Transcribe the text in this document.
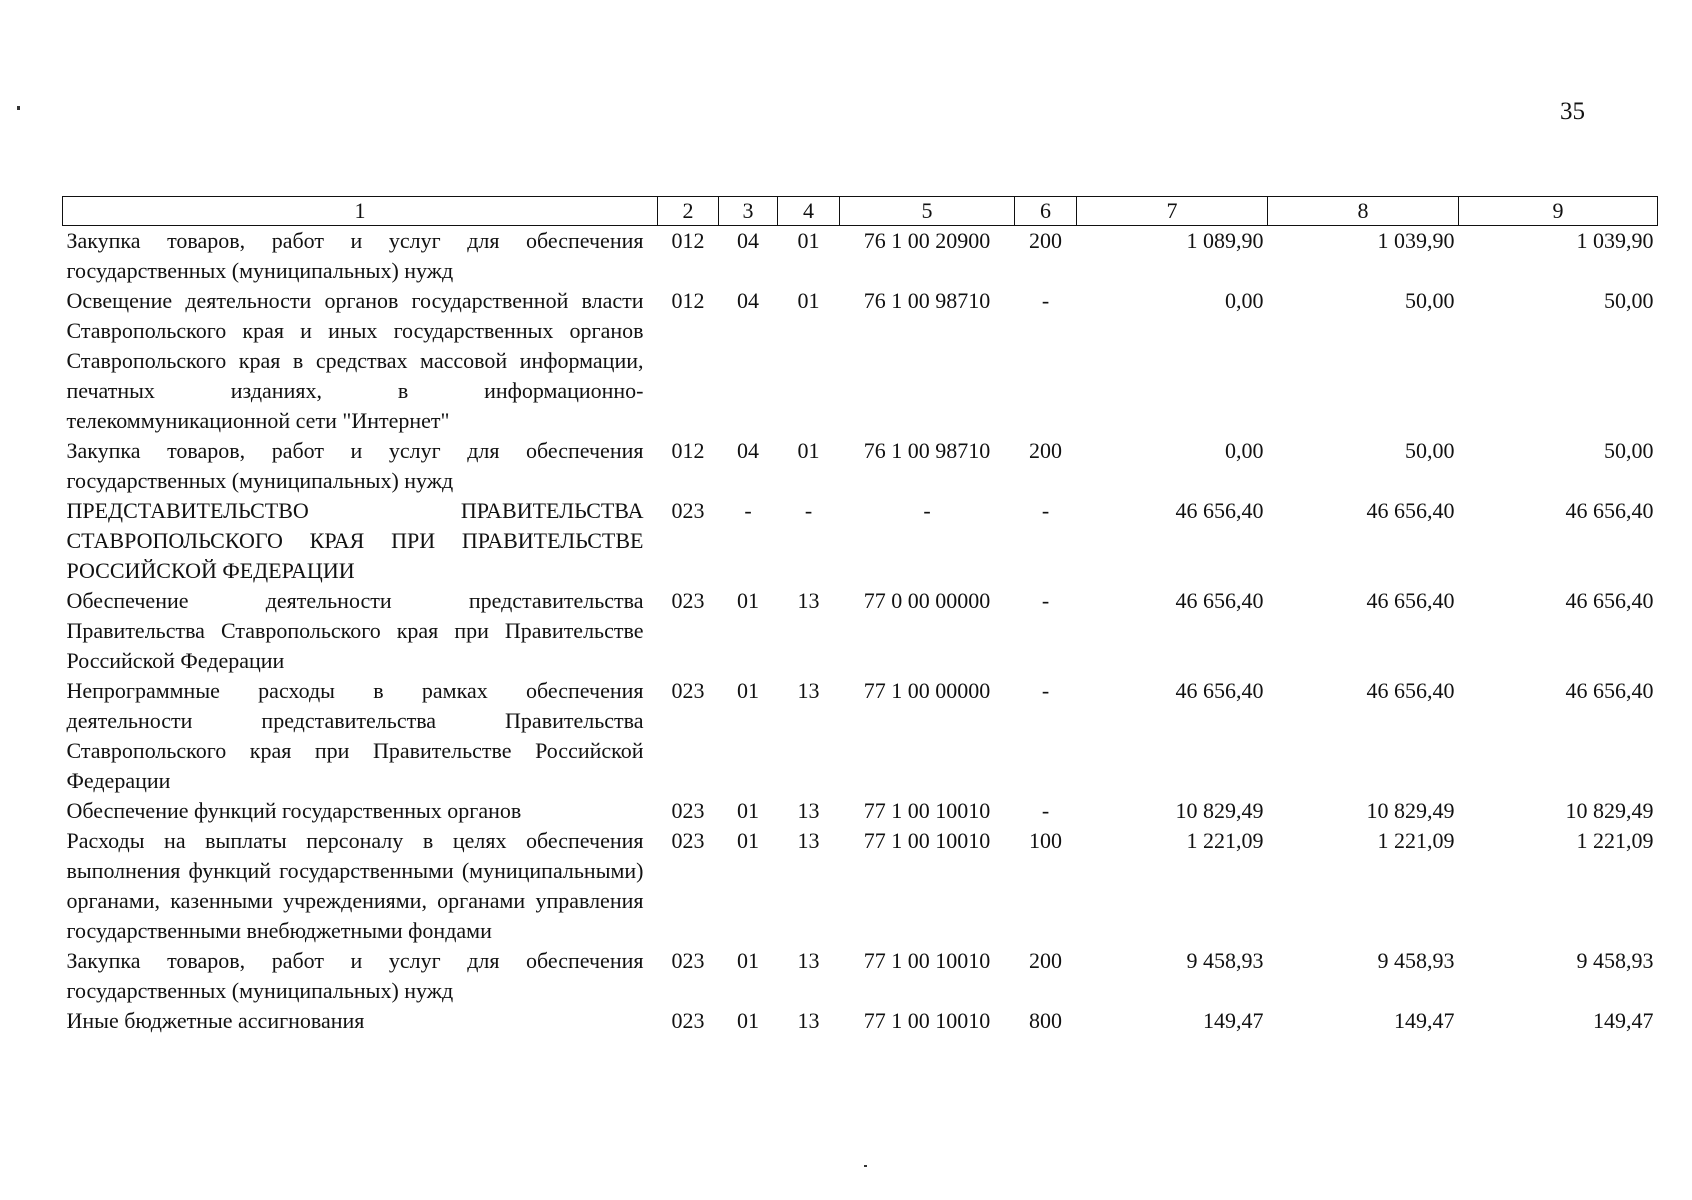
35
1	2	3	4	5	6	7	8	9
Закупка товаров, работ и услуг для обеспечения государственных (муниципальных) нужд	012	04	01	76 1 00 20900	200	1 089,90	1 039,90	1 039,90
Освещение деятельности органов государственной власти Ставропольского края и иных государственных органов Ставропольского края в средствах массовой информации, печатных изданиях, в информационно-телекоммуникационной сети "Интернет"	012	04	01	76 1 00 98710	-	0,00	50,00	50,00
Закупка товаров, работ и услуг для обеспечения государственных (муниципальных) нужд	012	04	01	76 1 00 98710	200	0,00	50,00	50,00
ПРЕДСТАВИТЕЛЬСТВО ПРАВИТЕЛЬСТВА СТАВРОПОЛЬСКОГО КРАЯ ПРИ ПРАВИТЕЛЬСТВЕ РОССИЙСКОЙ ФЕДЕРАЦИИ	023	-	-	-	-	46 656,40	46 656,40	46 656,40
Обеспечение деятельности представительства Правительства Ставропольского края при Правительстве Российской Федерации	023	01	13	77 0 00 00000	-	46 656,40	46 656,40	46 656,40
Непрограммные расходы в рамках обеспечения деятельности представительства Правительства Ставропольского края при Правительстве Российской Федерации	023	01	13	77 1 00 00000	-	46 656,40	46 656,40	46 656,40
Обеспечение функций государственных органов	023	01	13	77 1 00 10010	-	10 829,49	10 829,49	10 829,49
Расходы на выплаты персоналу в целях обеспечения выполнения функций государственными (муниципальными) органами, казенными учреждениями, органами управления государственными внебюджетными фондами	023	01	13	77 1 00 10010	100	1 221,09	1 221,09	1 221,09
Закупка товаров, работ и услуг для обеспечения государственных (муниципальных) нужд	023	01	13	77 1 00 10010	200	9 458,93	9 458,93	9 458,93
Иные бюджетные ассигнования	023	01	13	77 1 00 10010	800	149,47	149,47	149,47
